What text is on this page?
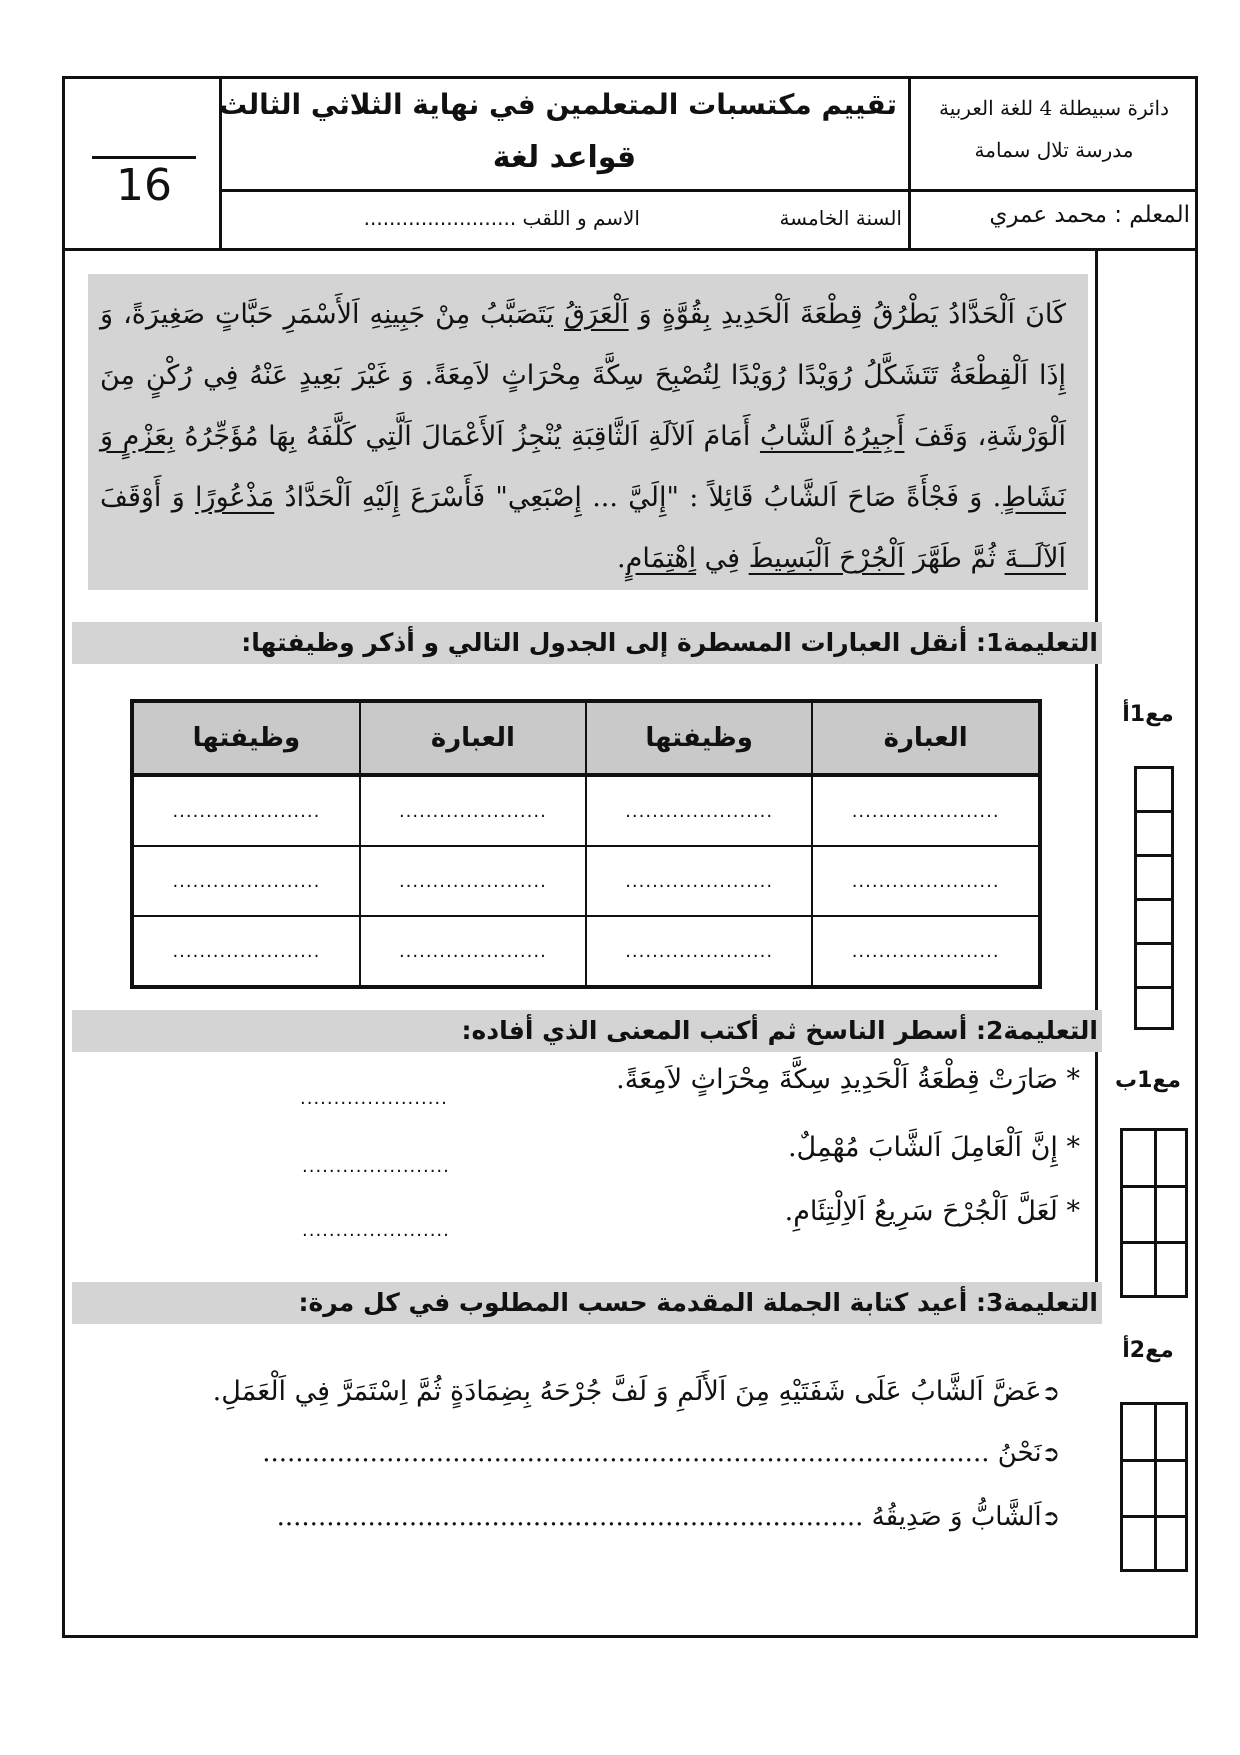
16
تقييم مكتسبات المتعلمين في نهاية الثلاثي الثالث
قواعد لغة
دائرة سبيطلة 4 للغة العربية
مدرسة تلال سمامة
المعلم : محمد عمري
السنة الخامسة
الاسم و اللقب ........................
كَانَ اَلْحَدَّادُ يَطْرُقُ قِطْعَةَ اَلْحَدِيدِ بِقُوَّةٍ وَ اَلْعَرَقُ يَتَصَبَّبُ مِنْ جَبِينِهِ اَلأَسْمَرِ حَبَّاتٍ صَغِيرَةً، وَ إِذَا اَلْقِطْعَةُ تَتَشَكَّلُ رُوَيْدًا رُوَيْدًا لِتُصْبِحَ سِكَّةَ مِحْرَاثٍ لاَمِعَةً. وَ غَيْرَ بَعِيدٍ عَنْهُ فِي رُكْنٍ مِنَ اَلْوَرْشَةِ، وَقَفَ أَجِيرُهُ اَلشَّابُ أَمَامَ اَلآلَةِ اَلثَّاقِبَةِ يُنْجِزُ اَلأَعْمَالَ اَلَّتِي كَلَّفَهُ بِهَا مُؤَجِّرُهُ بِعَزْمٍ وَ نَشَاطٍ. وَ فَجْأَةً صَاحَ اَلشَّابُ قَائِلاً : "إِلَيَّ ... إِصْبَعِي" فَأَسْرَعَ إِلَيْهِ اَلْحَدَّادُ مَذْعُورًا وَ أَوْقَفَ اَلآلَــةَ ثُمَّ طَهَّرَ اَلْجُرْحَ اَلْبَسِيطَ فِي اِهْتِمَامٍ.
التعليمة1: أنقل العبارات المسطرة إلى الجدول التالي و أذكر وظيفتها:
العبارة	وظيفتها	العبارة	وظيفتها
......................	......................	......................	......................
......................	......................	......................	......................
......................	......................	......................	......................
مع1أ
التعليمة2: أسطر الناسخ ثم أكتب المعنى الذي أفاده:
* صَارَتْ قِطْعَةُ اَلْحَدِيدِ سِكَّةَ مِحْرَاثٍ لاَمِعَةً.
......................
* إِنَّ اَلْعَامِلَ اَلشَّابَ مُهْمِلٌ.
......................
* لَعَلَّ اَلْجُرْحَ سَرِيعُ اَلاِلْتِئَامِ.
......................
مع1ب
التعليمة3: أعيد كتابة الجملة المقدمة حسب المطلوب في كل مرة:
➲عَضَّ اَلشَّابُ عَلَى شَفَتَيْهِ مِنَ اَلأَلَمِ وَ لَفَّ جُرْحَهُ بِضِمَادَةٍ ثُمَّ اِسْتَمَرَّ فِي اَلْعَمَلِ.
➲نَحْنُ ........................................................................................
➲اَلشَّابُّ وَ صَدِيقُهُ .......................................................................
مع2أ
